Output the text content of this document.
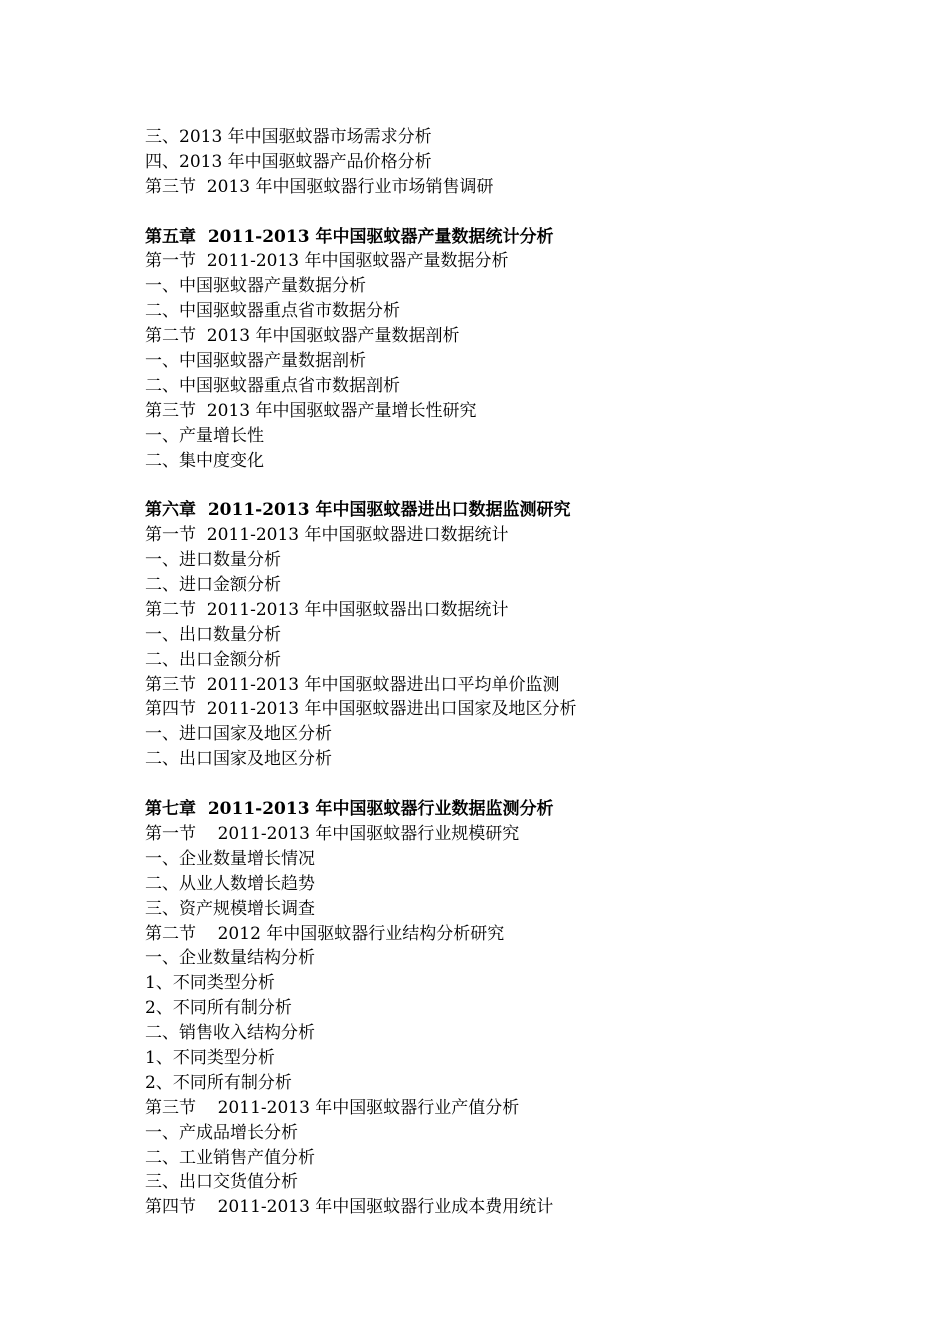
三、2013 年中国驱蚊器市场需求分析
四、2013 年中国驱蚊器产品价格分析
第三节  2013 年中国驱蚊器行业市场销售调研
第五章  2011-2013 年中国驱蚊器产量数据统计分析
第一节  2011-2013 年中国驱蚊器产量数据分析
一、中国驱蚊器产量数据分析
二、中国驱蚊器重点省市数据分析
第二节  2013 年中国驱蚊器产量数据剖析
一、中国驱蚊器产量数据剖析
二、中国驱蚊器重点省市数据剖析
第三节  2013 年中国驱蚊器产量增长性研究
一、产量增长性
二、集中度变化
第六章  2011-2013 年中国驱蚊器进出口数据监测研究
第一节  2011-2013 年中国驱蚊器进口数据统计
一、进口数量分析
二、进口金额分析
第二节  2011-2013 年中国驱蚊器出口数据统计
一、出口数量分析
二、出口金额分析
第三节  2011-2013 年中国驱蚊器进出口平均单价监测
第四节  2011-2013 年中国驱蚊器进出口国家及地区分析
一、进口国家及地区分析
二、出口国家及地区分析
第七章  2011-2013 年中国驱蚊器行业数据监测分析
第一节    2011-2013 年中国驱蚊器行业规模研究
一、企业数量增长情况
二、从业人数增长趋势
三、资产规模增长调查
第二节    2012 年中国驱蚊器行业结构分析研究
一、企业数量结构分析
1、不同类型分析
2、不同所有制分析
二、销售收入结构分析
1、不同类型分析
2、不同所有制分析
第三节    2011-2013 年中国驱蚊器行业产值分析
一、产成品增长分析
二、工业销售产值分析
三、出口交货值分析
第四节    2011-2013 年中国驱蚊器行业成本费用统计
